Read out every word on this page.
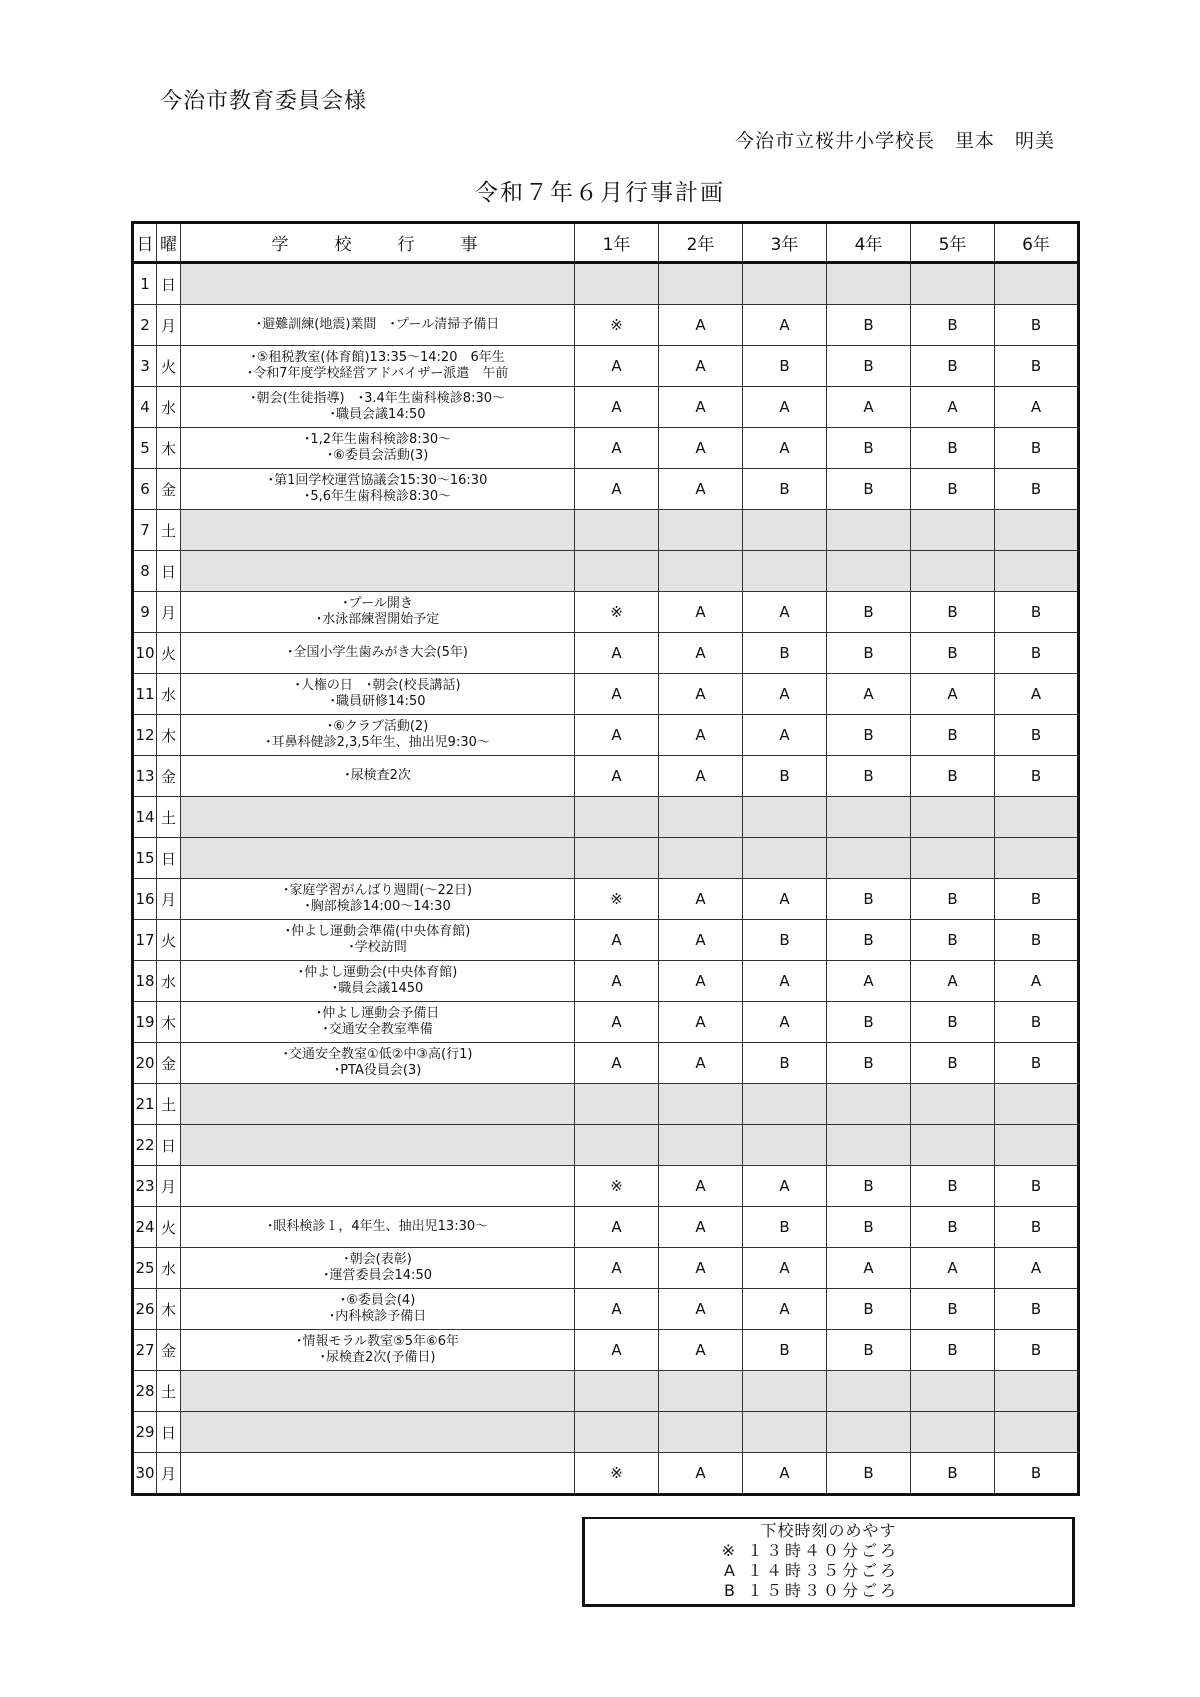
今治市教育委員会様
今治市立桜井小学校長　里本　明美
令和７年６月行事計画
日	曜	学校行事	1年	2年	3年	4年	5年	6年
1	日							
2	月	･避難訓練(地震)業間　･プール清掃予備日	※	A	A	B	B	B
3	火	･⑤租税教室(体育館)13:35～14:20　6年生
･令和7年度学校経営アドバイザー派遣　午前	A	A	B	B	B	B
4	水	･朝会(生徒指導)　･3.4年生歯科検診8:30～
･職員会議14:50	A	A	A	A	A	A
5	木	･1,2年生歯科検診8:30～
･⑥委員会活動(3)	A	A	A	B	B	B
6	金	･第1回学校運営協議会15:30～16:30
･5,6年生歯科検診8:30～	A	A	B	B	B	B
7	土							
8	日							
9	月	･プール開き
･水泳部練習開始予定	※	A	A	B	B	B
10	火	･全国小学生歯みがき大会(5年)	A	A	B	B	B	B
11	水	･人権の日　･朝会(校長講話)
･職員研修14:50	A	A	A	A	A	A
12	木	･⑥クラブ活動(2)
･耳鼻科健診2,3,5年生、抽出児9:30～	A	A	A	B	B	B
13	金	･尿検査2次	A	A	B	B	B	B
14	土							
15	日							
16	月	･家庭学習がんばり週間(～22日)
･胸部検診14:00～14:30	※	A	A	B	B	B
17	火	･仲よし運動会準備(中央体育館)
･学校訪問	A	A	B	B	B	B
18	水	･仲よし運動会(中央体育館)
･職員会議1450	A	A	A	A	A	A
19	木	･仲よし運動会予備日
･交通安全教室準備	A	A	A	B	B	B
20	金	･交通安全教室①低②中③高(行1)
･PTA役員会(3)	A	A	B	B	B	B
21	土							
22	日							
23	月		※	A	A	B	B	B
24	火	･眼科検診１，4年生、抽出児13:30～	A	A	B	B	B	B
25	水	･朝会(表彰)
･運営委員会14:50	A	A	A	A	A	A
26	木	･⑥委員会(4)
･内科検診予備日	A	A	A	B	B	B
27	金	･情報モラル教室⑤5年⑥6年
･尿検査2次(予備日)	A	A	B	B	B	B
28	土							
29	日							
30	月		※	A	A	B	B	B
下校時刻のめやす
※ １３時４０分ごろ
A １４時３５分ごろ
B １５時３０分ごろ
